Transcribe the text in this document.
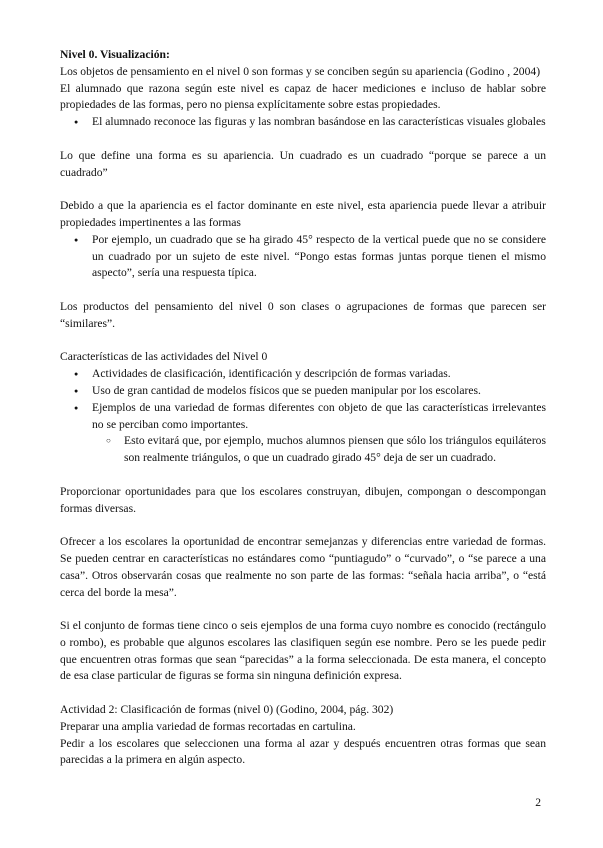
Nivel 0. Visualización:

Los objetos de pensamiento en el nivel 0 son formas y se conciben según su apariencia (Godino , 2004)

El alumnado que razona según este nivel es capaz de hacer mediciones e incluso de hablar sobre propiedades de las formas, pero no piensa explícitamente sobre estas propiedades.

● El alumnado reconoce las figuras y las nombran basándose en las características visuales globales

Lo que define una forma es su apariencia. Un cuadrado es un cuadrado “porque se parece a un cuadrado”

Debido a que la apariencia es el factor dominante en este nivel, esta apariencia puede llevar a atribuir propiedades impertinentes a las formas

● Por ejemplo, un cuadrado que se ha girado 45° respecto de la vertical puede que no se considere un cuadrado por un sujeto de este nivel. “Pongo estas formas juntas porque tienen el mismo aspecto”, sería una respuesta típica.

Los productos del pensamiento del nivel 0 son clases o agrupaciones de formas que parecen ser “similares”.

Características de las actividades del Nivel 0

● Actividades de clasificación, identificación y descripción de formas variadas.
● Uso de gran cantidad de modelos físicos que se pueden manipular por los escolares.
● Ejemplos de una variedad de formas diferentes con objeto de que las características irrelevantes no se perciban como importantes.
○ Esto evitará que, por ejemplo, muchos alumnos piensen que sólo los triángulos equiláteros son realmente triángulos, o que un cuadrado girado 45° deja de ser un cuadrado.

Proporcionar oportunidades para que los escolares construyan, dibujen, compongan o descompongan formas diversas.

Ofrecer a los escolares la oportunidad de encontrar semejanzas y diferencias entre variedad de formas. Se pueden centrar en características no estándares como “puntiagudo” o “curvado”, o “se parece a una casa”. Otros observarán cosas que realmente no son parte de las formas: “señala hacia arriba”, o “está cerca del borde la mesa”.

Si el conjunto de formas tiene cinco o seis ejemplos de una forma cuyo nombre es conocido (rectángulo o rombo), es probable que algunos escolares las clasifiquen según ese nombre. Pero se les puede pedir que encuentren otras formas que sean “parecidas” a la forma seleccionada. De esta manera, el concepto de esa clase particular de figuras se forma sin ninguna definición expresa.

Actividad 2: Clasificación de formas (nivel 0) (Godino, 2004, pág. 302)

Preparar una amplia variedad de formas recortadas en cartulina.

Pedir a los escolares que seleccionen una forma al azar y después encuentren otras formas que sean parecidas a la primera en algún aspecto.

2
